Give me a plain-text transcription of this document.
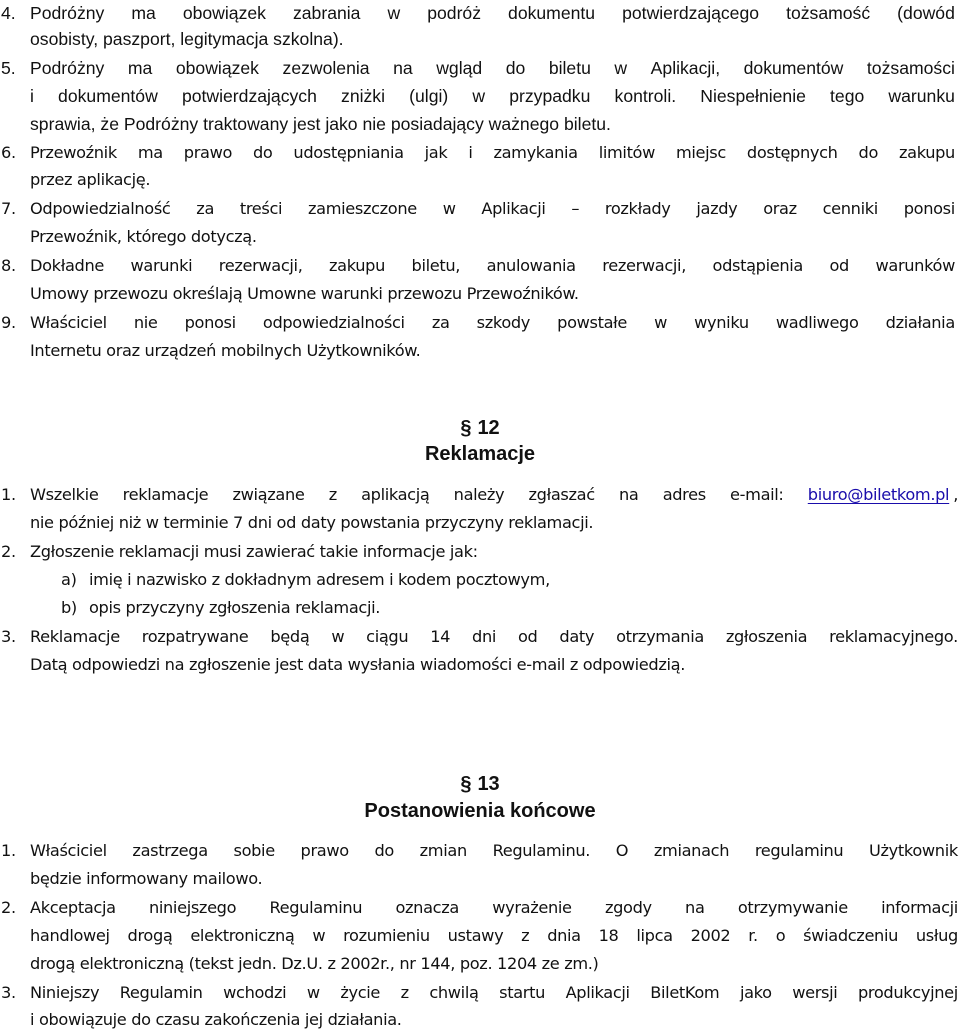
4. Podróżny ma obowiązek zabrania w podróż dokumentu potwierdzającego tożsamość (dowód
osobisty, paszport, legitymacja szkolna).
5. Podróżny ma obowiązek zezwolenia na wgląd do biletu w Aplikacji, dokumentów tożsamości
i dokumentów potwierdzających zniżki (ulgi) w przypadku kontroli. Niespełnienie tego warunku
sprawia, że Podróżny traktowany jest jako nie posiadający ważnego biletu.
6. Przewoźnik ma prawo do udostępniania jak i zamykania limitów miejsc dostępnych do zakupu
przez aplikację.
7. Odpowiedzialność za treści zamieszczone w Aplikacji – rozkłady jazdy oraz cenniki ponosi
Przewoźnik, którego dotyczą.
8. Dokładne warunki rezerwacji, zakupu biletu, anulowania rezerwacji, odstąpienia od warunków
Umowy przewozu określają Umowne warunki przewozu Przewoźników.
9. Właściciel nie ponosi odpowiedzialności za szkody powstałe w wyniku wadliwego działania
Internetu oraz urządzeń mobilnych Użytkowników.
§ 12
Reklamacje
1. Wszelkie reklamacje związane z aplikacją należy zgłaszać na adres e-mail: biuro@biletkom.pl ,
nie później niż w terminie 7 dni od daty powstania przyczyny reklamacji.
2. Zgłoszenie reklamacji musi zawierać takie informacje jak:
a) imię i nazwisko z dokładnym adresem i kodem pocztowym,
b) opis przyczyny zgłoszenia reklamacji.
3. Reklamacje rozpatrywane będą w ciągu 14 dni od daty otrzymania zgłoszenia reklamacyjnego.
Datą odpowiedzi na zgłoszenie jest data wysłania wiadomości e-mail z odpowiedzią.
§ 13
Postanowienia końcowe
1. Właściciel zastrzega sobie prawo do zmian Regulaminu. O zmianach regulaminu Użytkownik
będzie informowany mailowo.
2. Akceptacja niniejszego Regulaminu oznacza wyrażenie zgody na otrzymywanie informacji
handlowej drogą elektroniczną w rozumieniu ustawy z dnia 18 lipca 2002 r. o świadczeniu usług
drogą elektroniczną (tekst jedn. Dz.U. z 2002r., nr 144, poz. 1204 ze zm.)
3. Niniejszy Regulamin wchodzi w życie z chwilą startu Aplikacji BiletKom jako wersji produkcyjnej
i obowiązuje do czasu zakończenia jej działania.
